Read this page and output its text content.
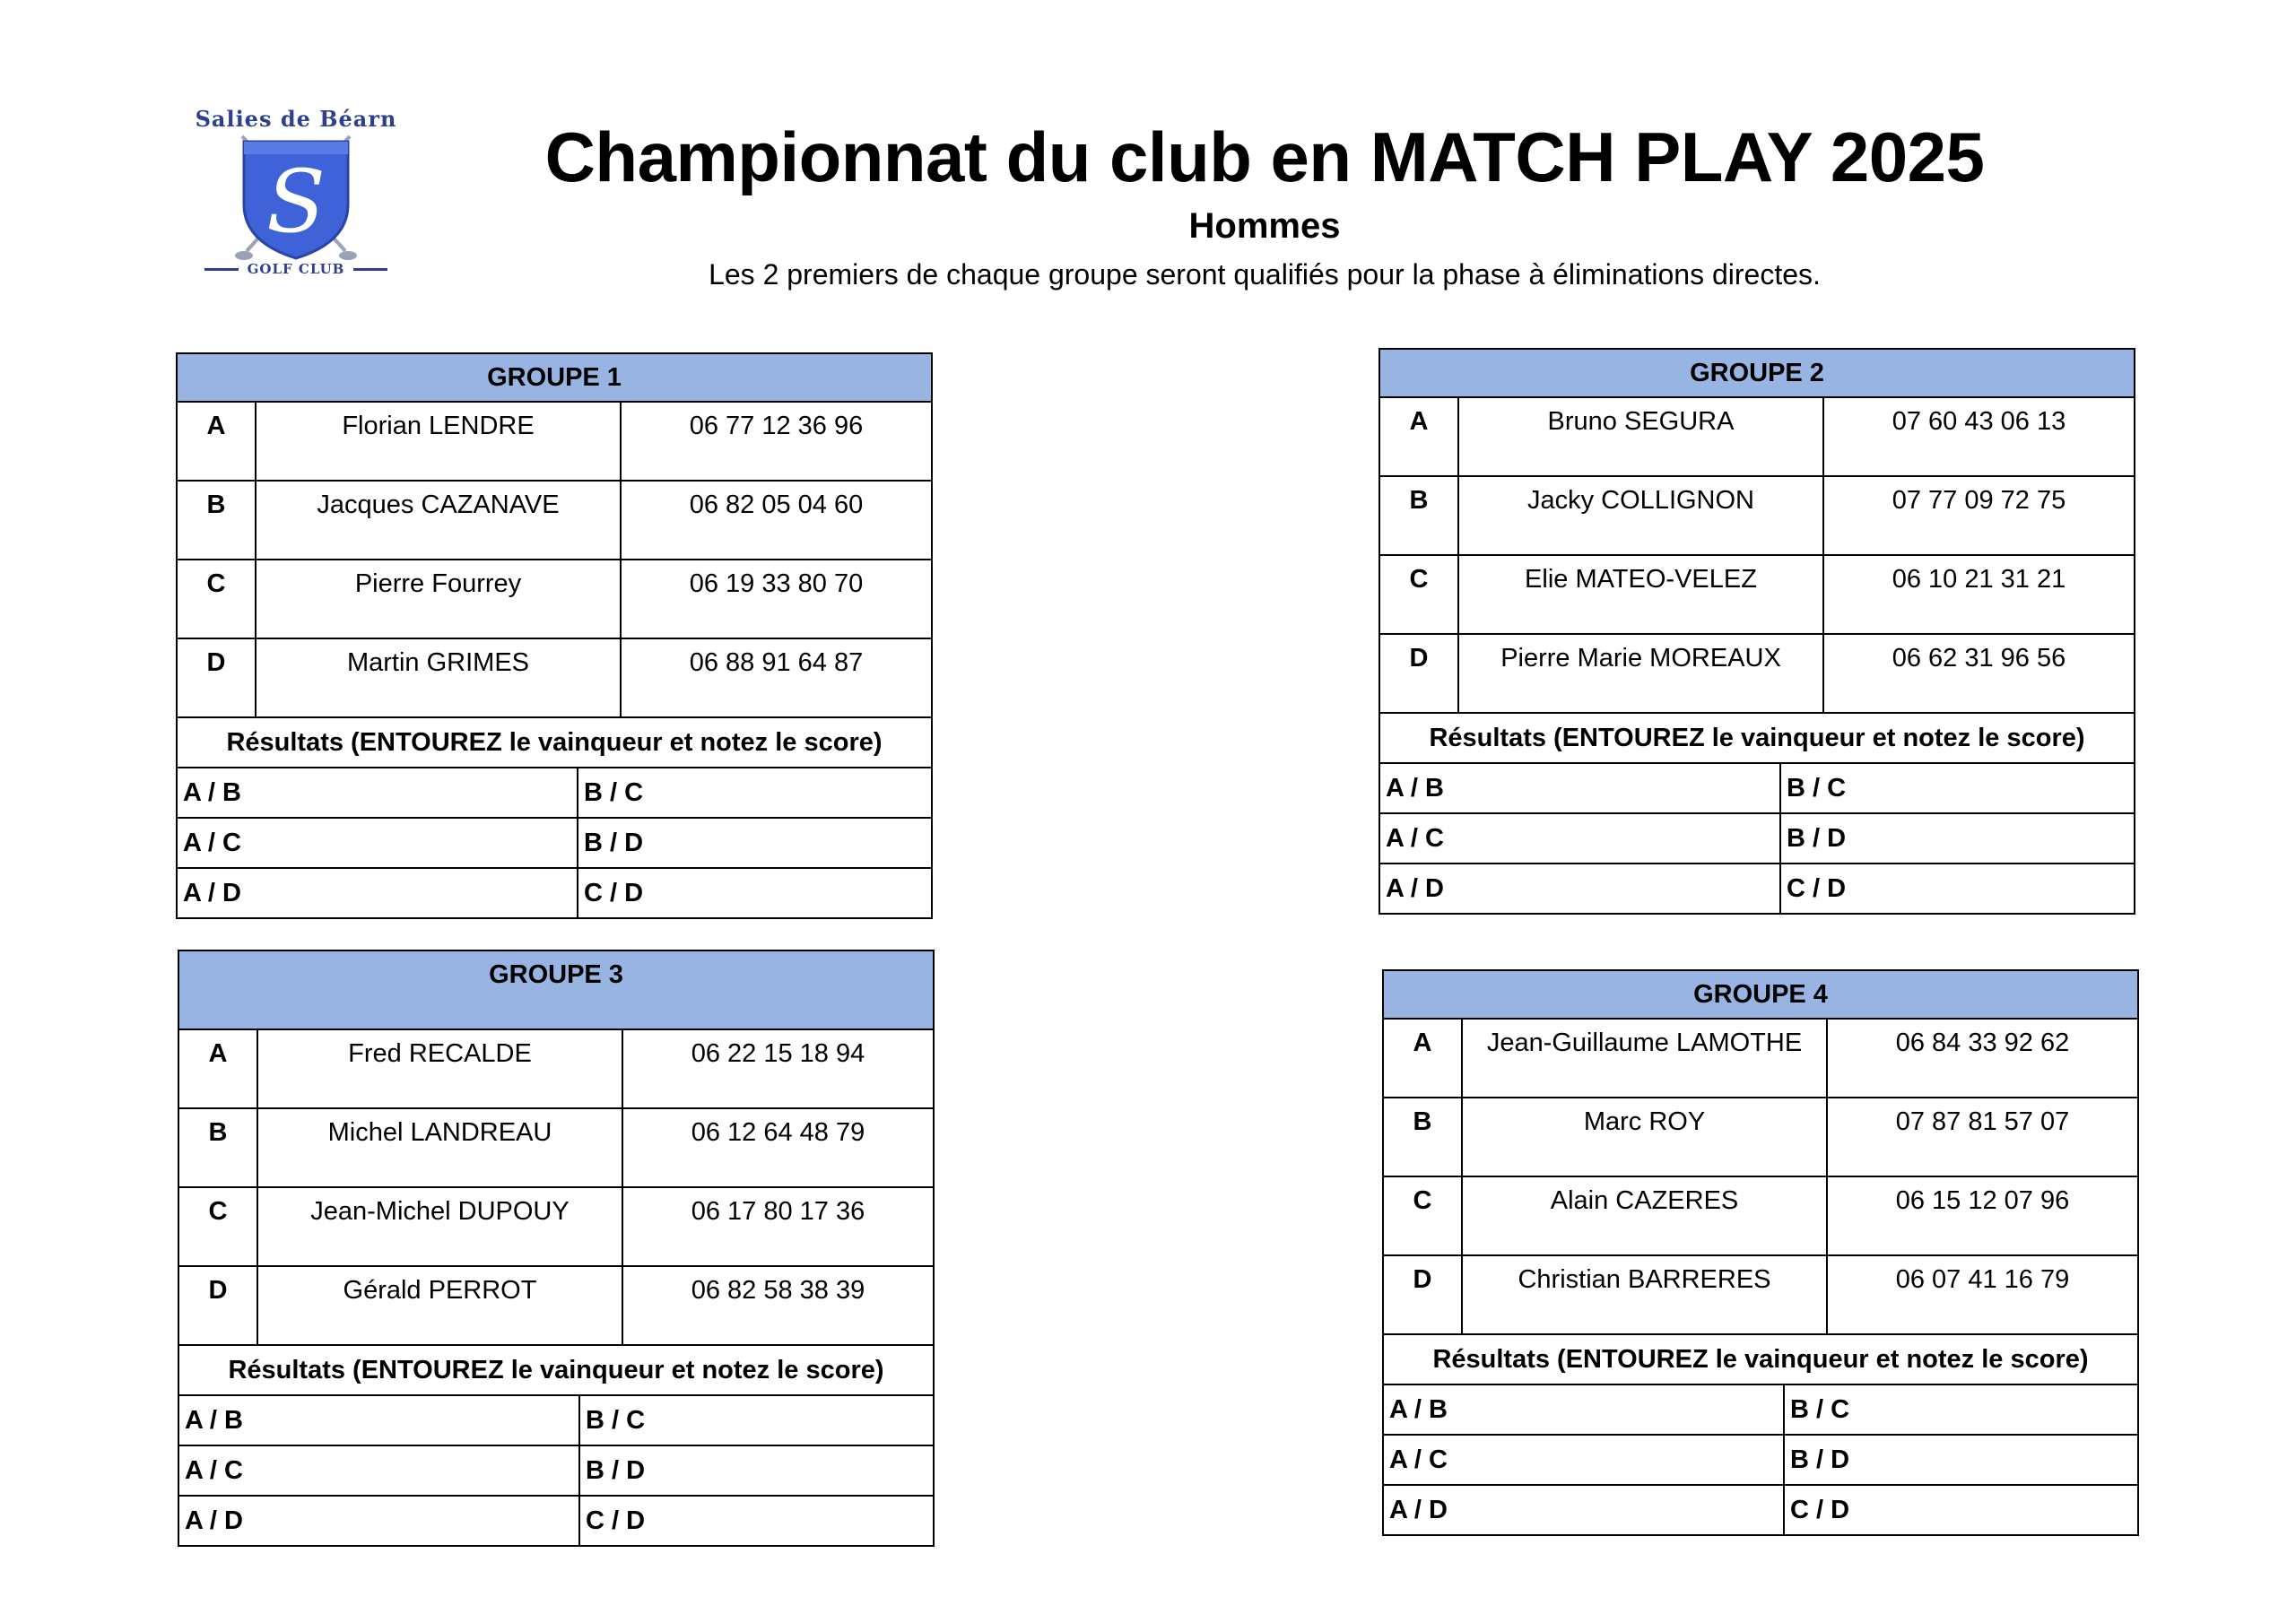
Salies de Béarn
S
GOLF CLUB
Championnat du club en MATCH PLAY 2025
Hommes
Les 2 premiers de chaque groupe seront qualifiés pour la phase à éliminations directes.
GROUPE 1			
A	Florian LENDRE		06 77 12 36 96
B	Jacques CAZANAVE		06 82 05 04 60
C	Pierre Fourrey		06 19 33 80 70
D	Martin GRIMES		06 88 91 64 87
Résultats (ENTOUREZ le vainqueur et notez le score)			
A / B		B / C	
A / C		B / D	
A / D		C / D	
GROUPE 2			
A	Bruno SEGURA		07 60 43 06 13
B	Jacky COLLIGNON		07 77 09 72 75
C	Elie MATEO-VELEZ		06 10 21 31 21
D	Pierre Marie MOREAUX		06 62 31 96 56
Résultats (ENTOUREZ le vainqueur et notez le score)			
A / B		B / C	
A / C		B / D	
A / D		C / D	
GROUPE 3			
A	Fred RECALDE		06 22 15 18 94
B	Michel LANDREAU		06 12 64 48 79
C	Jean-Michel DUPOUY		06 17 80 17 36
D	Gérald PERROT		06 82 58 38 39
Résultats (ENTOUREZ le vainqueur et notez le score)			
A / B		B / C	
A / C		B / D	
A / D		C / D	
GROUPE 4			
A	Jean-Guillaume LAMOTHE		06 84 33 92 62
B	Marc ROY		07 87 81 57 07
C	Alain CAZERES		06 15 12 07 96
D	Christian BARRERES		06 07 41 16 79
Résultats (ENTOUREZ le vainqueur et notez le score)			
A / B		B / C	
A / C		B / D	
A / D		C / D	
